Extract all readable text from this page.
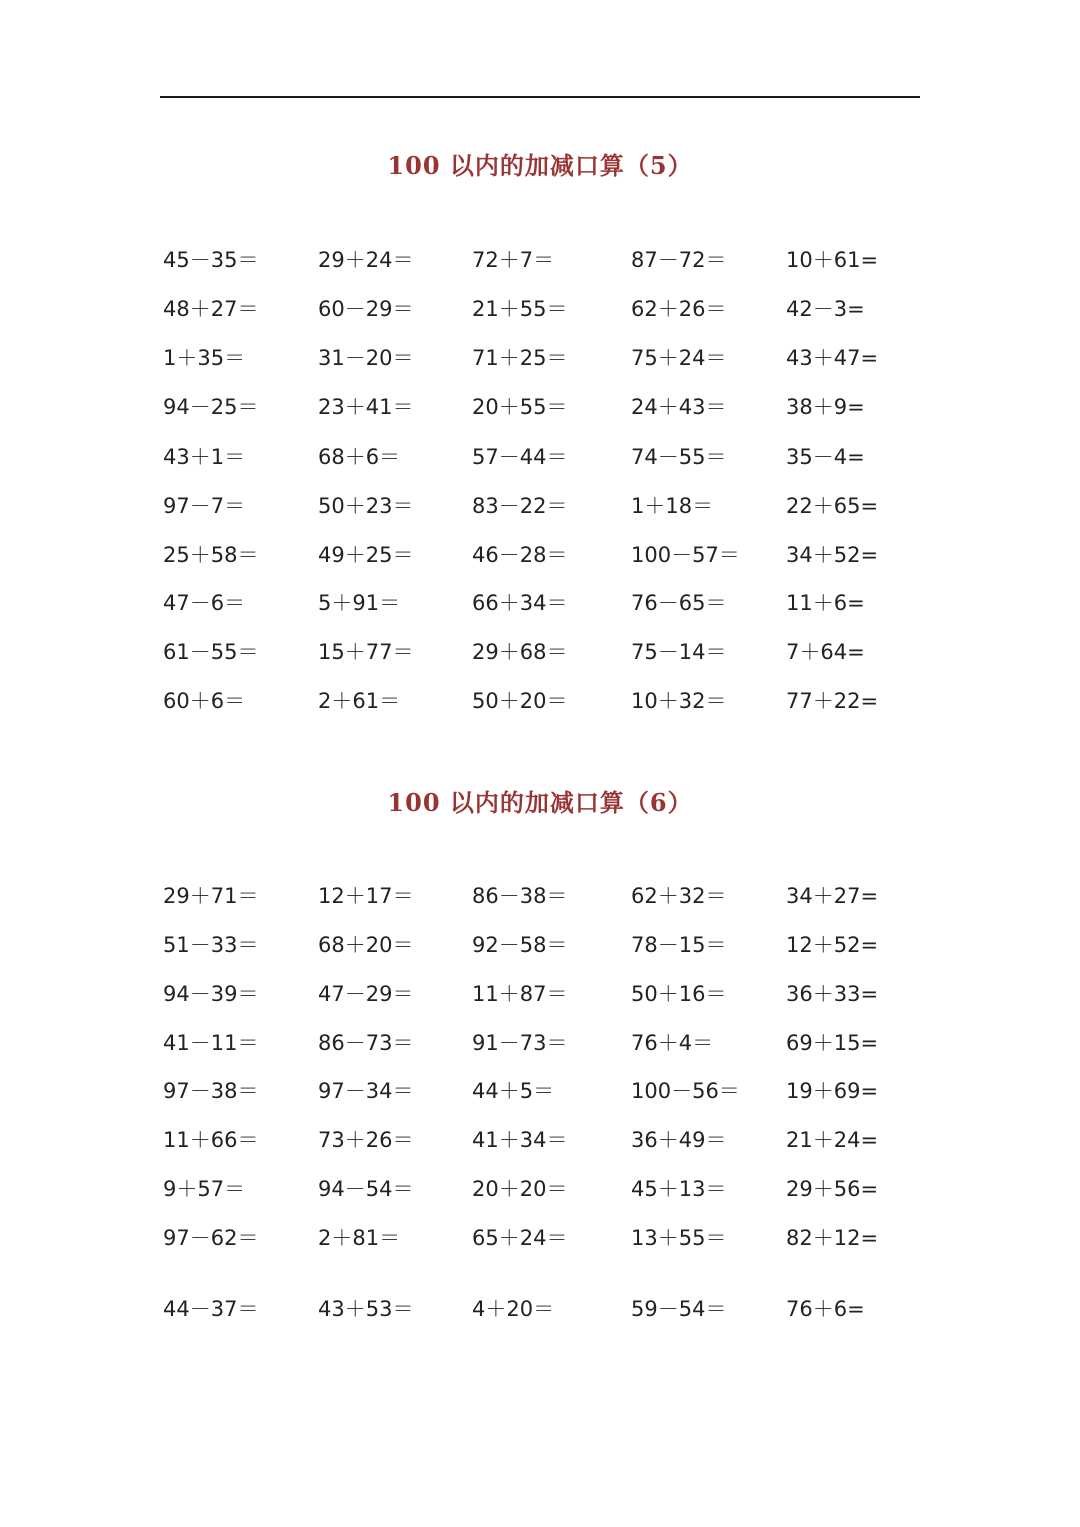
100 以内的加减口算（5）
45－35＝	29＋24＝	72＋7＝	87－72＝	10＋61=
48＋27＝	60－29＝	21＋55＝	62＋26＝	42－3=
1＋35＝	31－20＝	71＋25＝	75＋24＝	43＋47=
94－25＝	23＋41＝	20＋55＝	24＋43＝	38＋9=
43＋1＝	68＋6＝	57－44＝	74－55＝	35－4=
97－7＝	50＋23＝	83－22＝	1＋18＝	22＋65=
25＋58＝	49＋25＝	46－28＝	100－57＝ 34＋52=
47－6＝	5＋91＝	66＋34＝	76－65＝	11＋6=
61－55＝	15＋77＝	29＋68＝	75－14＝	7＋64=
60＋6＝	2＋61＝	50＋20＝	10＋32＝	77＋22=
100 以内的加减口算（6）
29＋71＝	12＋17＝	86－38＝	62＋32＝	34＋27=
51－33＝	68＋20＝	92－58＝	78－15＝	12＋52=
94－39＝	47－29＝	11＋87＝	50＋16＝	36＋33=
41－11＝	86－73＝	91－73＝	76＋4＝	69＋15=
97－38＝	97－34＝	44＋5＝	100－56＝ 19＋69=
11＋66＝	73＋26＝	41＋34＝	36＋49＝	21＋24=
9＋57＝	94－54＝	20＋20＝	45＋13＝	29＋56=
97－62＝	2＋81＝	65＋24＝	13＋55＝	82＋12=
44－37＝	43＋53＝	4＋20＝	59－54＝	76＋6=
